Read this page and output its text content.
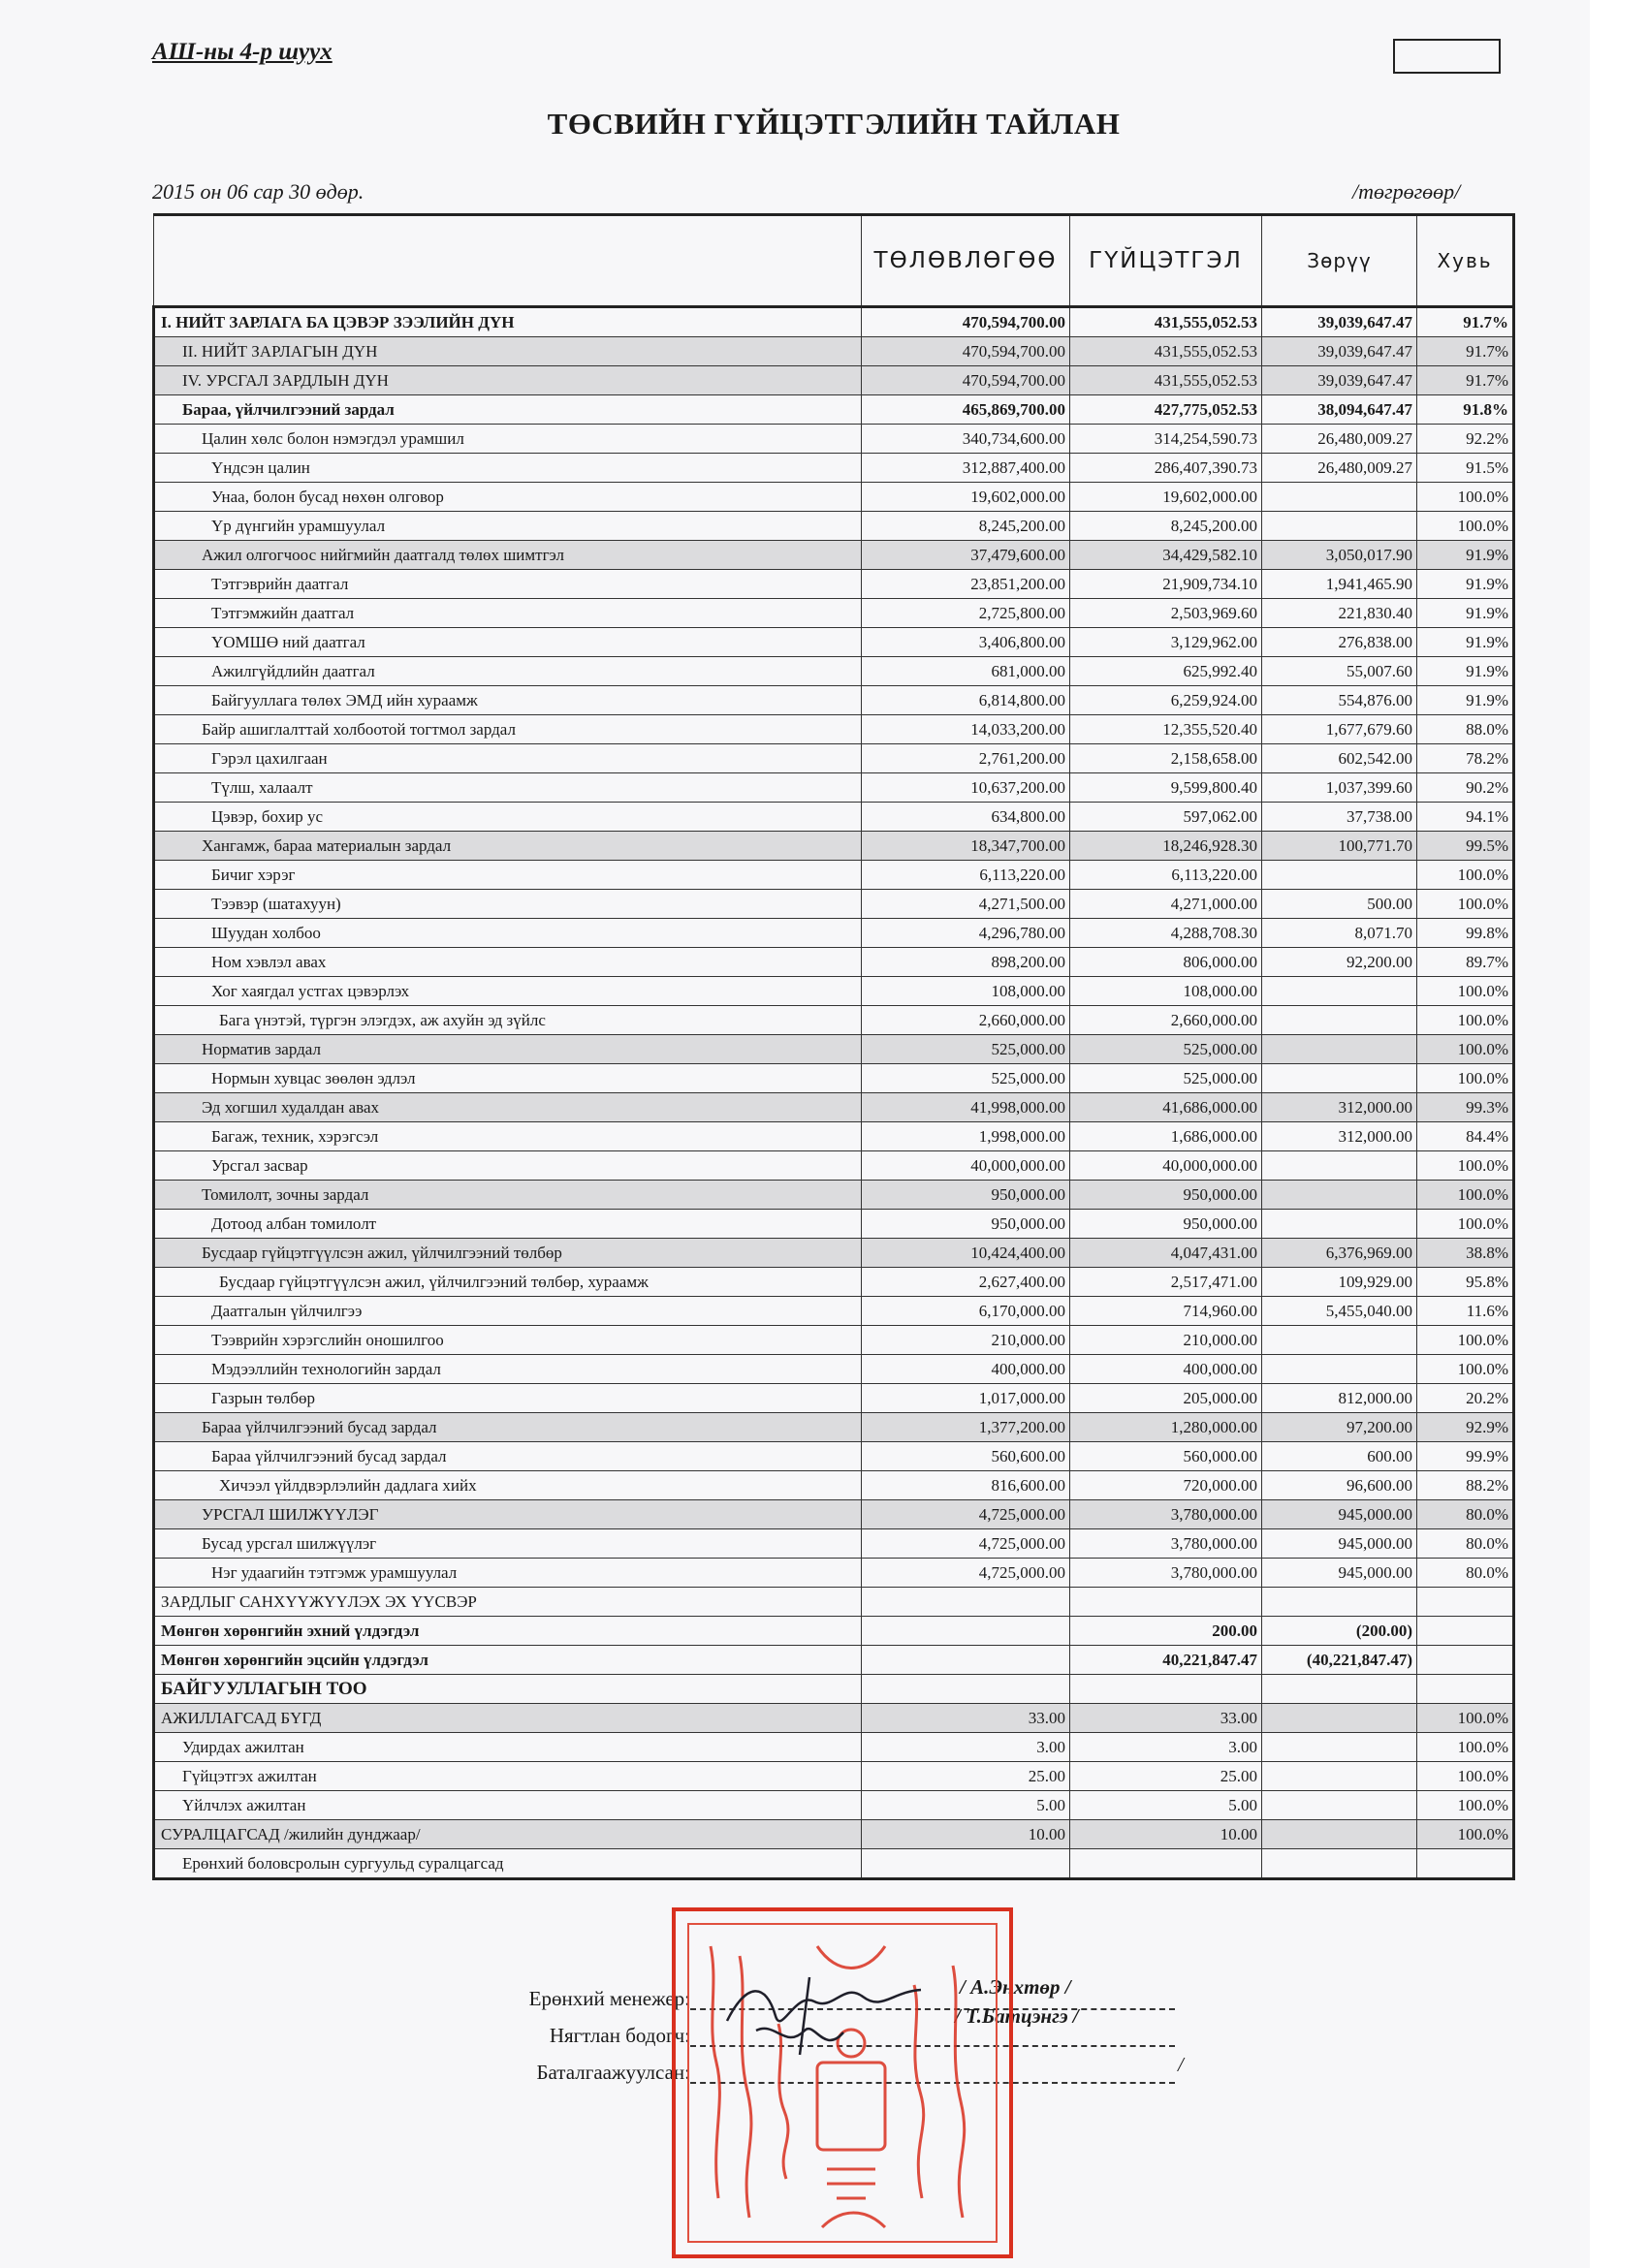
АШ-ны 4-р шууx
ТӨСВИЙН ГҮЙЦЭТГЭЛИЙН ТАЙЛАН
2015 он 06 сар 30 өдөр.	/төгрөгөөр/
	ТӨЛӨВЛӨГӨӨ	ГҮЙЦЭТГЭЛ	Зөрүү	Хувь
I. НИЙТ ЗАРЛАГА БА ЦЭВЭР ЗЭЭЛИЙН ДҮН	470,594,700.00	431,555,052.53	39,039,647.47	91.7%
II. НИЙТ ЗАРЛАГЫН ДҮН	470,594,700.00	431,555,052.53	39,039,647.47	91.7%
IV. УРСГАЛ ЗАРДЛЫН ДҮН	470,594,700.00	431,555,052.53	39,039,647.47	91.7%
Бараа, үйлчилгээний зардал	465,869,700.00	427,775,052.53	38,094,647.47	91.8%
Цалин хөлс болон нэмэгдэл урамшил	340,734,600.00	314,254,590.73	26,480,009.27	92.2%
Үндсэн цалин	312,887,400.00	286,407,390.73	26,480,009.27	91.5%
Унаа, болон бусад нөхөн олговор	19,602,000.00	19,602,000.00		100.0%
Үр дүнгийн урамшуулал	8,245,200.00	8,245,200.00		100.0%
Ажил олгогчоос нийгмийн даатгалд төлөх шимтгэл	37,479,600.00	34,429,582.10	3,050,017.90	91.9%
Тэтгэврийн даатгал	23,851,200.00	21,909,734.10	1,941,465.90	91.9%
Тэтгэмжийн даатгал	2,725,800.00	2,503,969.60	221,830.40	91.9%
ҮОМШӨ ний даатгал	3,406,800.00	3,129,962.00	276,838.00	91.9%
Ажилгүйдлийн даатгал	681,000.00	625,992.40	55,007.60	91.9%
Байгууллага төлөх ЭМД ийн хураамж	6,814,800.00	6,259,924.00	554,876.00	91.9%
Байр ашиглалттай холбоотой тогтмол зардал	14,033,200.00	12,355,520.40	1,677,679.60	88.0%
Гэрэл цахилгаан	2,761,200.00	2,158,658.00	602,542.00	78.2%
Түлш, халаалт	10,637,200.00	9,599,800.40	1,037,399.60	90.2%
Цэвэр, бохир ус	634,800.00	597,062.00	37,738.00	94.1%
Хангамж, бараа материалын зардал	18,347,700.00	18,246,928.30	100,771.70	99.5%
Бичиг хэрэг	6,113,220.00	6,113,220.00		100.0%
Тээвэр (шатахуун)	4,271,500.00	4,271,000.00	500.00	100.0%
Шуудан холбоо	4,296,780.00	4,288,708.30	8,071.70	99.8%
Ном хэвлэл авах	898,200.00	806,000.00	92,200.00	89.7%
Хог хаягдал устгах цэвэрлэх	108,000.00	108,000.00		100.0%
Бага үнэтэй, түргэн элэгдэх, аж ахуйн эд зүйлс	2,660,000.00	2,660,000.00		100.0%
Норматив зардал	525,000.00	525,000.00		100.0%
Нормын хувцас зөөлөн эдлэл	525,000.00	525,000.00		100.0%
Эд хогшил худалдан авах	41,998,000.00	41,686,000.00	312,000.00	99.3%
Багаж, техник, хэрэгсэл	1,998,000.00	1,686,000.00	312,000.00	84.4%
Урсгал засвар	40,000,000.00	40,000,000.00		100.0%
Томилолт, зочны зардал	950,000.00	950,000.00		100.0%
Дотоод албан томилолт	950,000.00	950,000.00		100.0%
Бусдаар гүйцэтгүүлсэн ажил, үйлчилгээний төлбөр	10,424,400.00	4,047,431.00	6,376,969.00	38.8%
Бусдаар гүйцэтгүүлсэн ажил, үйлчилгээний төлбөр, хураамж	2,627,400.00	2,517,471.00	109,929.00	95.8%
Даатгалын үйлчилгээ	6,170,000.00	714,960.00	5,455,040.00	11.6%
Тээврийн хэрэгслийн оношилгоо	210,000.00	210,000.00		100.0%
Мэдээллийн технологийн зардал	400,000.00	400,000.00		100.0%
Газрын төлбөр	1,017,000.00	205,000.00	812,000.00	20.2%
Бараа үйлчилгээний бусад зардал	1,377,200.00	1,280,000.00	97,200.00	92.9%
Бараа үйлчилгээний бусад зардал	560,600.00	560,000.00	600.00	99.9%
Хичээл үйлдвэрлэлийн дадлага хийх	816,600.00	720,000.00	96,600.00	88.2%
УРСГАЛ ШИЛЖҮҮЛЭГ	4,725,000.00	3,780,000.00	945,000.00	80.0%
Бусад урсгал шилжүүлэг	4,725,000.00	3,780,000.00	945,000.00	80.0%
Нэг удаагийн тэтгэмж урамшуулал	4,725,000.00	3,780,000.00	945,000.00	80.0%
ЗАРДЛЫГ САНХҮҮЖҮҮЛЭХ ЭХ ҮҮСВЭР				
Мөнгөн хөрөнгийн эхний үлдэгдэл		200.00	(200.00)	
Мөнгөн хөрөнгийн эцсийн үлдэгдэл		40,221,847.47	(40,221,847.47)	
БАЙГУУЛЛАГЫН ТОО				
АЖИЛЛАГСАД БҮГД	33.00	33.00		100.0%
Удирдах ажилтан	3.00	3.00		100.0%
Гүйцэтгэх ажилтан	25.00	25.00		100.0%
Үйлчлэх ажилтан	5.00	5.00		100.0%
СУРАЛЦАГСАД /жилийн дунджаар/	10.00	10.00		100.0%
Ерөнхий боловсролын сургуульд суралцагсад				
Ерөнхий менежер:	/ А.Энхтөр /
Нягтлан бодогч:
/ Т.Батцэнгэ /
Баталгаажуулсан:	/
